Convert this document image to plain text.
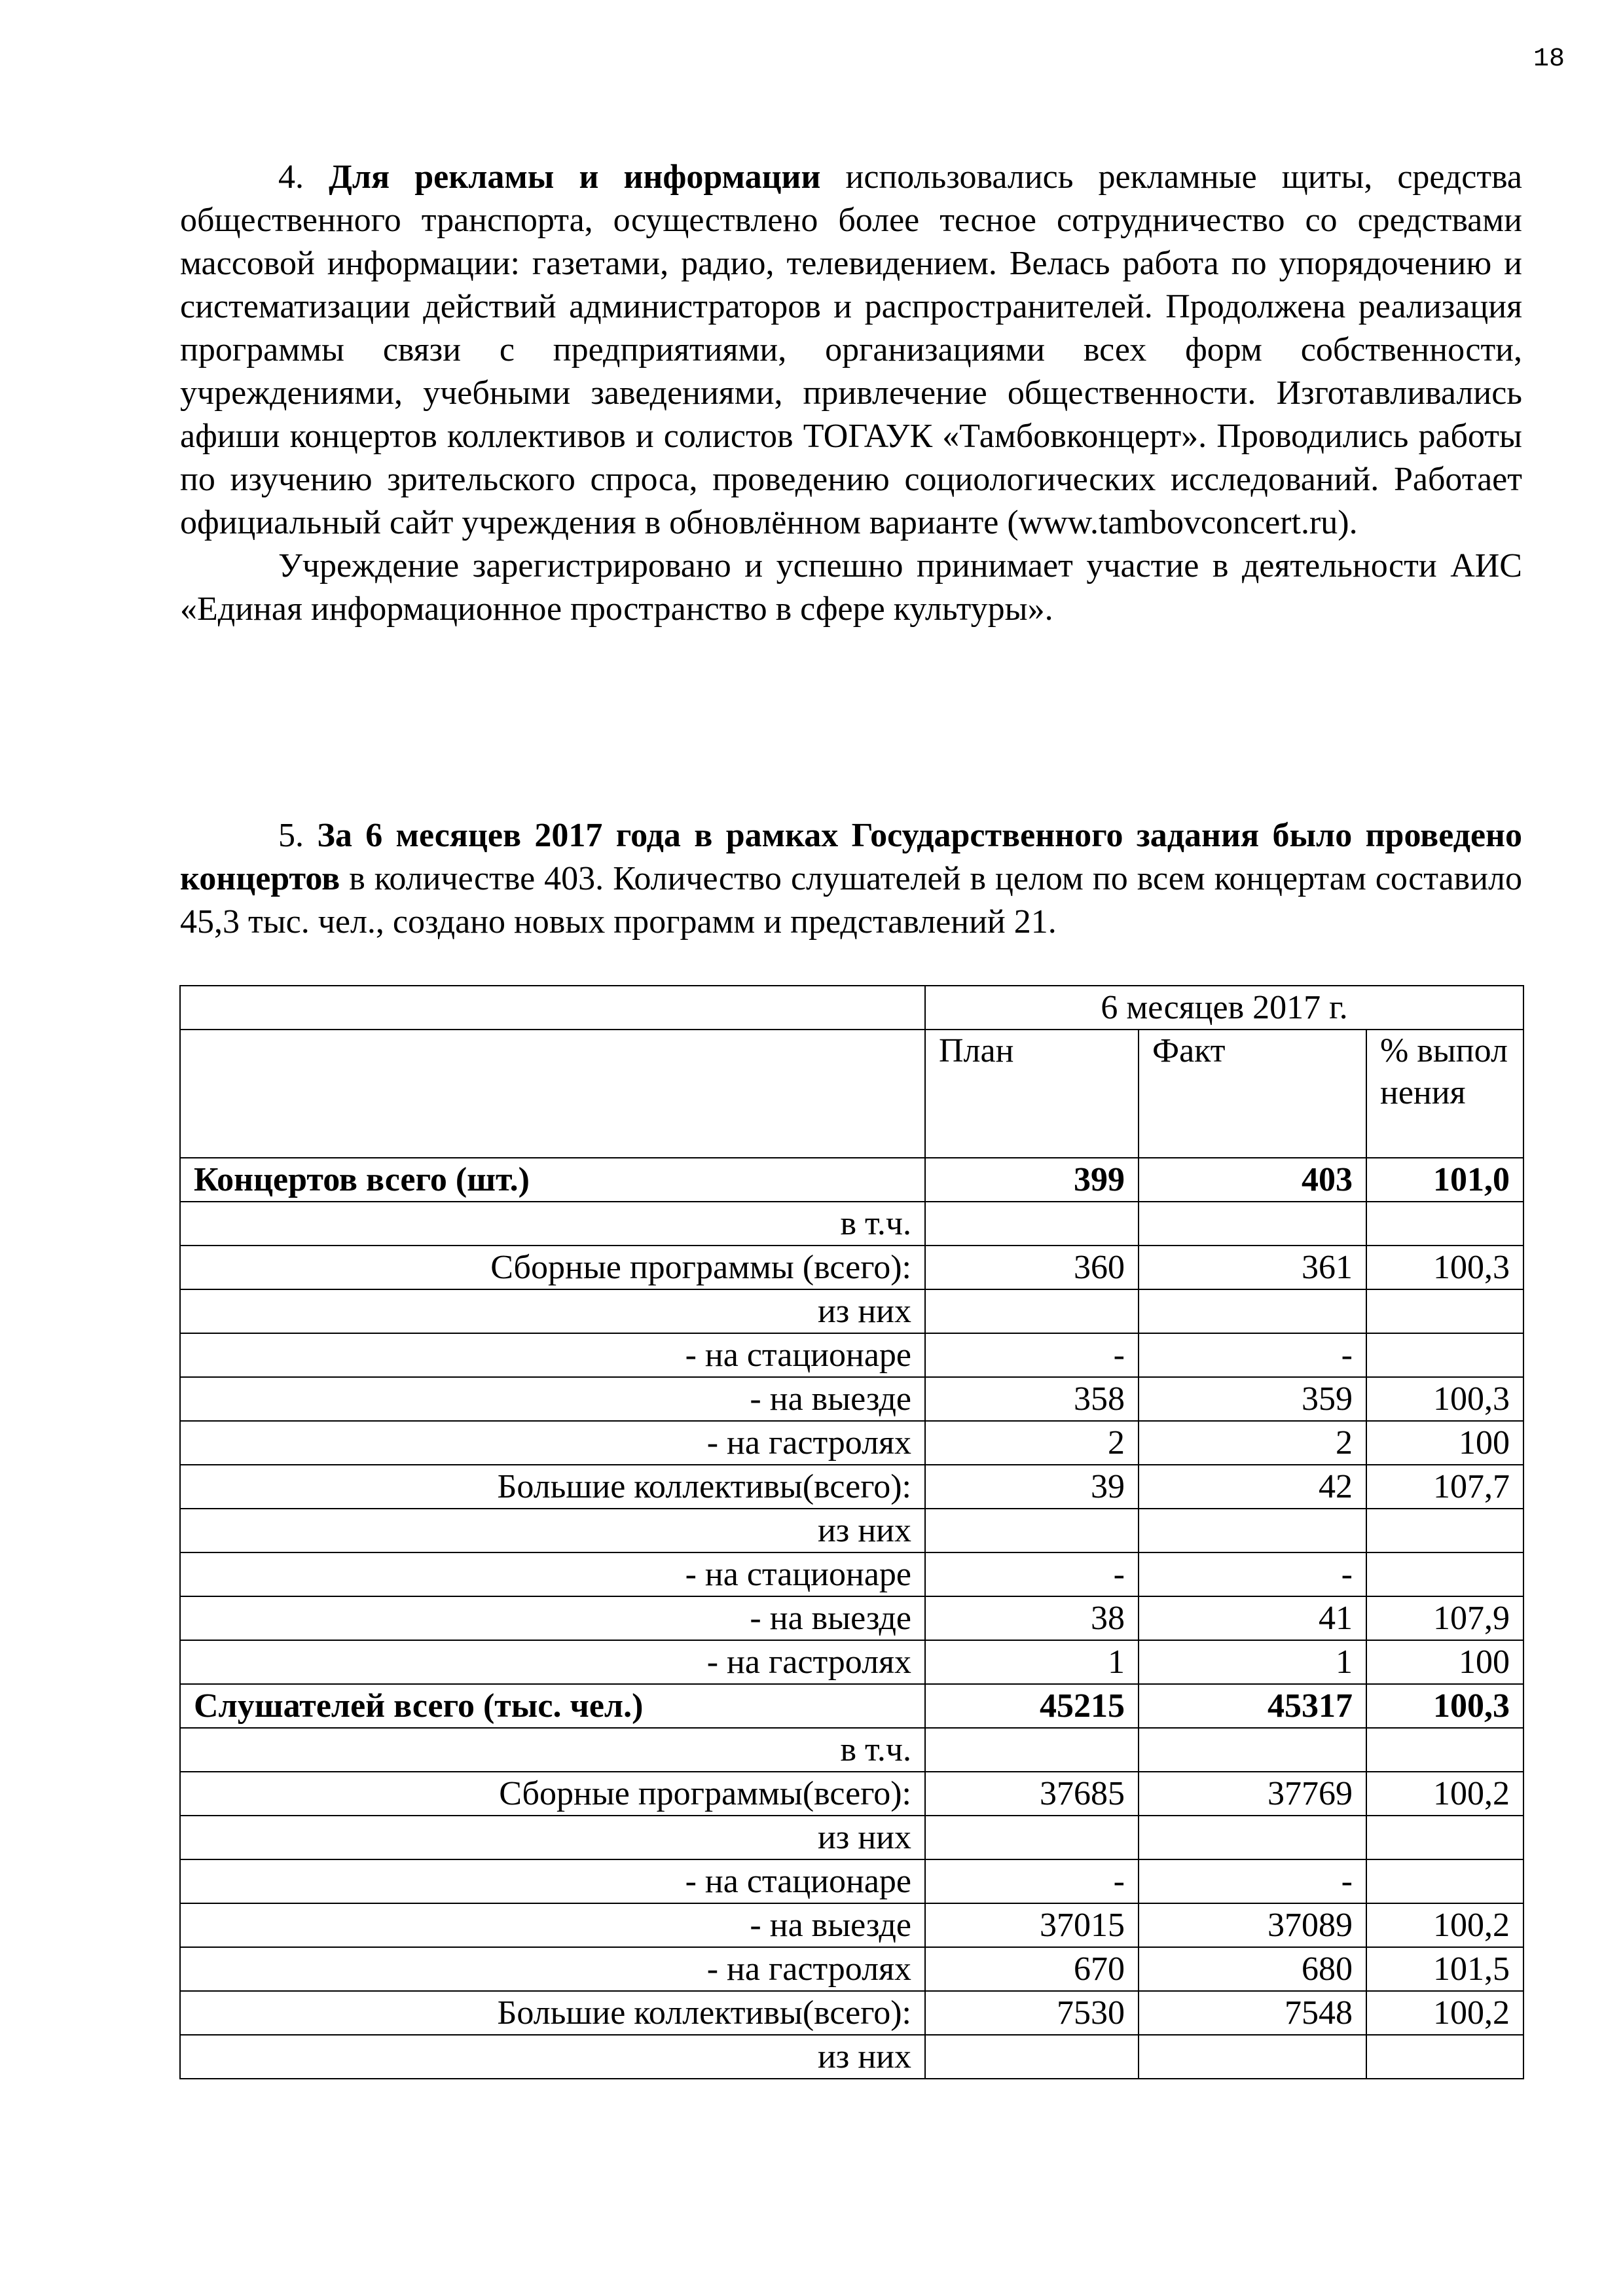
18

4. Для рекламы и информации использовались рекламные щиты, средства общественного транспорта, осуществлено более тесное сотрудничество со средствами массовой информации: газетами, радио, телевидением. Велась работа по упорядочению и систематизации действий администраторов и распространителей. Продолжена реализация программы связи с предприятиями, организациями всех форм собственности, учреждениями, учебными заведениями, привлечение общественности. Изготавливались афиши концертов коллективов и солистов ТОГАУК «Тамбовконцерт». Проводились работы по изучению зрительского спроса, проведению социологических исследований. Работает официальный сайт учреждения в обновлённом варианте (www.tambovconcert.ru).

Учреждение зарегистрировано и успешно принимает участие в деятельности АИС «Единая информационное пространство в сфере культуры».

5. За 6 месяцев 2017 года в рамках Государственного задания было проведено концертов в количестве 403. Количество слушателей в целом по всем концертам составило 45,3 тыс. чел., создано новых программ и представлений 21.

	6 месяцев 2017 г.		
	План	Факт	% выпол нения
Концертов всего (шт.)	399	403	101,0
в т.ч.			
Сборные программы (всего):	360	361	100,3
из них			
- на стационаре	-	-	
- на выезде	358	359	100,3
- на гастролях	2	2	100
Большие коллективы(всего):	39	42	107,7
из них			
- на стационаре	-	-	
- на выезде	38	41	107,9
- на гастролях	1	1	100
Слушателей всего (тыс. чел.)	45215	45317	100,3
в т.ч.			
Сборные программы(всего):	37685	37769	100,2
из них			
- на стационаре	-	-	
- на выезде	37015	37089	100,2
- на гастролях	670	680	101,5
Большие коллективы(всего):	7530	7548	100,2
из них			
